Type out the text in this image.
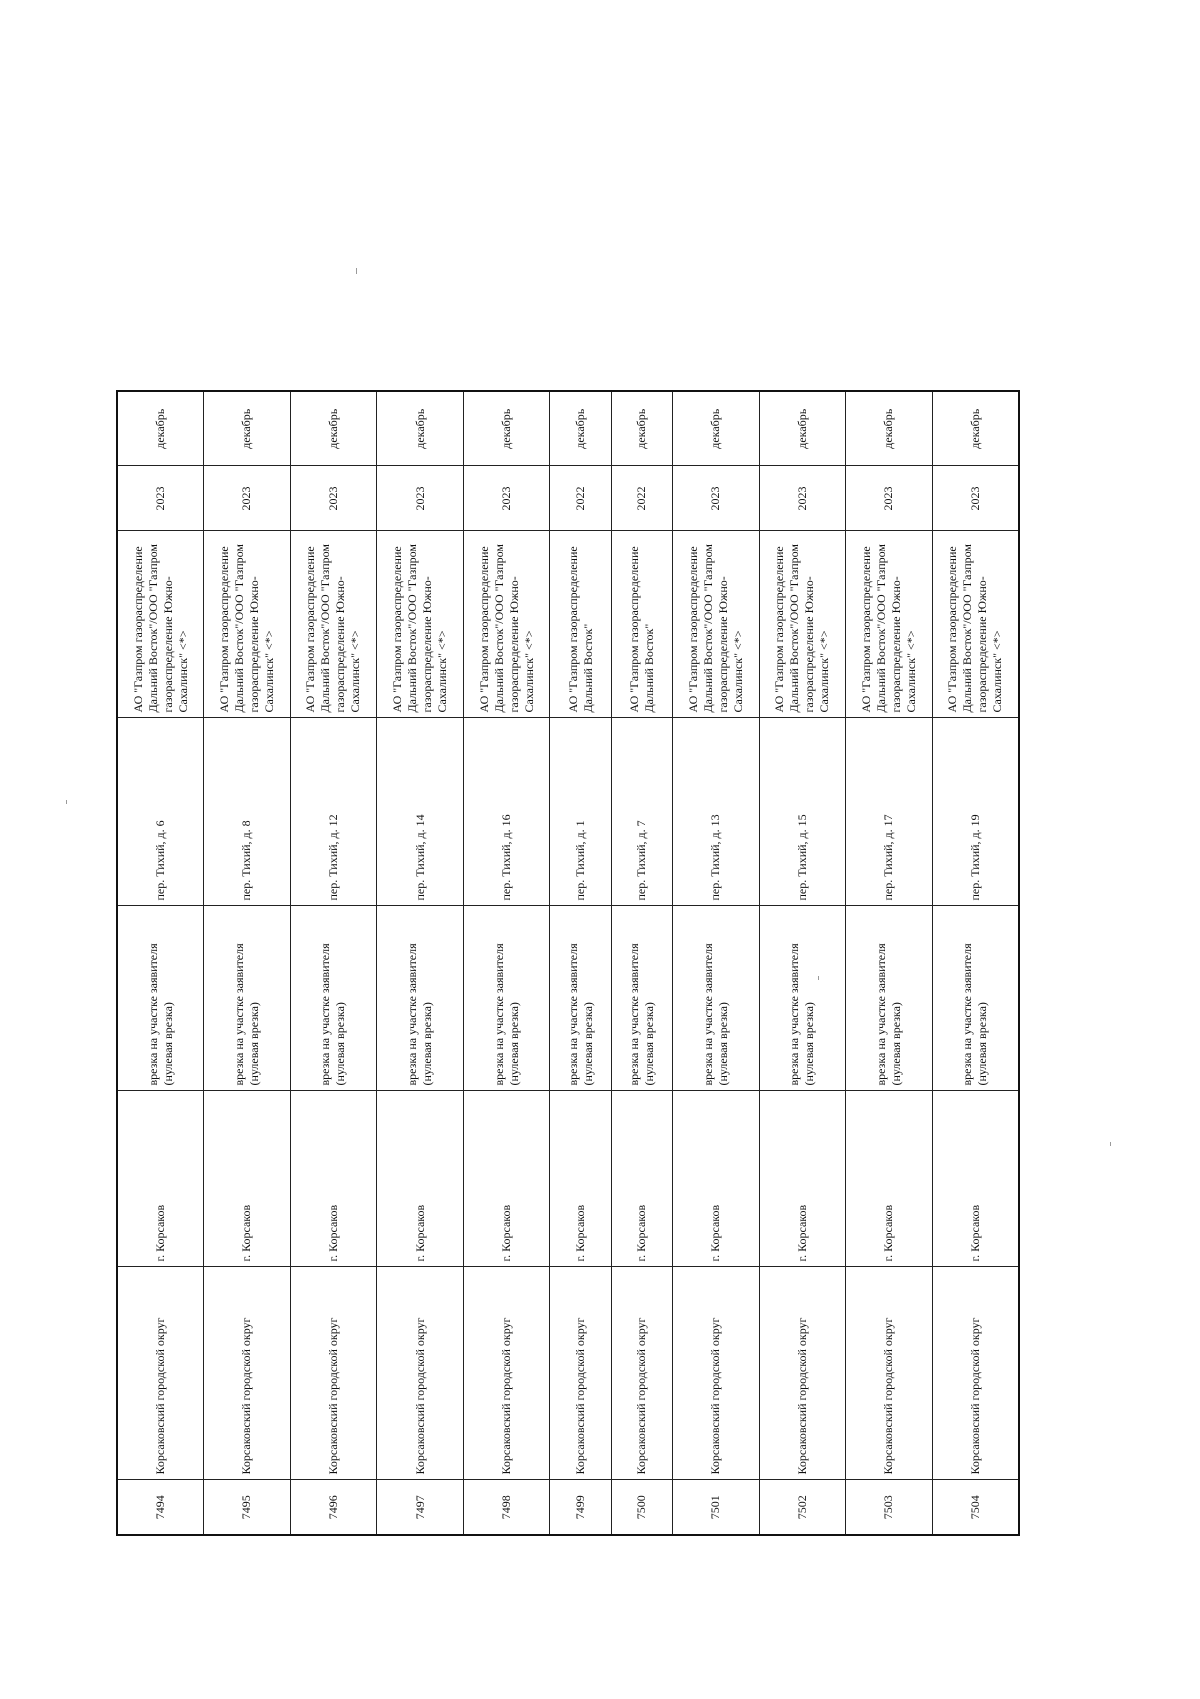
7494	Корсаковский городской округ	г. Корсаков	врезка на участке заявителя (нулевая врезка)	пер. Тихий, д. 6	АО "Газпром газораспределение Дальний Восток"/ООО "Газпром газораспределение Южно-Сахалинск" <*>	2023	декабрь
7495	Корсаковский городской округ	г. Корсаков	врезка на участке заявителя (нулевая врезка)	пер. Тихий, д. 8	АО "Газпром газораспределение Дальний Восток"/ООО "Газпром газораспределение Южно-Сахалинск" <*>	2023	декабрь
7496	Корсаковский городской округ	г. Корсаков	врезка на участке заявителя (нулевая врезка)	пер. Тихий, д. 12	АО "Газпром газораспределение Дальний Восток"/ООО "Газпром газораспределение Южно-Сахалинск" <*>	2023	декабрь
7497	Корсаковский городской округ	г. Корсаков	врезка на участке заявителя (нулевая врезка)	пер. Тихий, д. 14	АО "Газпром газораспределение Дальний Восток"/ООО "Газпром газораспределение Южно-Сахалинск" <*>	2023	декабрь
7498	Корсаковский городской округ	г. Корсаков	врезка на участке заявителя (нулевая врезка)	пер. Тихий, д. 16	АО "Газпром газораспределение Дальний Восток"/ООО "Газпром газораспределение Южно-Сахалинск" <*>	2023	декабрь
7499	Корсаковский городской округ	г. Корсаков	врезка на участке заявителя (нулевая врезка)	пер. Тихий, д. 1	АО "Газпром газораспределение Дальний Восток"	2022	декабрь
7500	Корсаковский городской округ	г. Корсаков	врезка на участке заявителя (нулевая врезка)	пер. Тихий, д. 7	АО "Газпром газораспределение Дальний Восток"	2022	декабрь
7501	Корсаковский городской округ	г. Корсаков	врезка на участке заявителя (нулевая врезка)	пер. Тихий, д. 13	АО "Газпром газораспределение Дальний Восток"/ООО "Газпром газораспределение Южно-Сахалинск" <*>	2023	декабрь
7502	Корсаковский городской округ	г. Корсаков	врезка на участке заявителя (нулевая врезка)	пер. Тихий, д. 15	АО "Газпром газораспределение Дальний Восток"/ООО "Газпром газораспределение Южно-Сахалинск" <*>	2023	декабрь
7503	Корсаковский городской округ	г. Корсаков	врезка на участке заявителя (нулевая врезка)	пер. Тихий, д. 17	АО "Газпром газораспределение Дальний Восток"/ООО "Газпром газораспределение Южно-Сахалинск" <*>	2023	декабрь
7504	Корсаковский городской округ	г. Корсаков	врезка на участке заявителя (нулевая врезка)	пер. Тихий, д. 19	АО "Газпром газораспределение Дальний Восток"/ООО "Газпром газораспределение Южно-Сахалинск" <*>	2023	декабрь
